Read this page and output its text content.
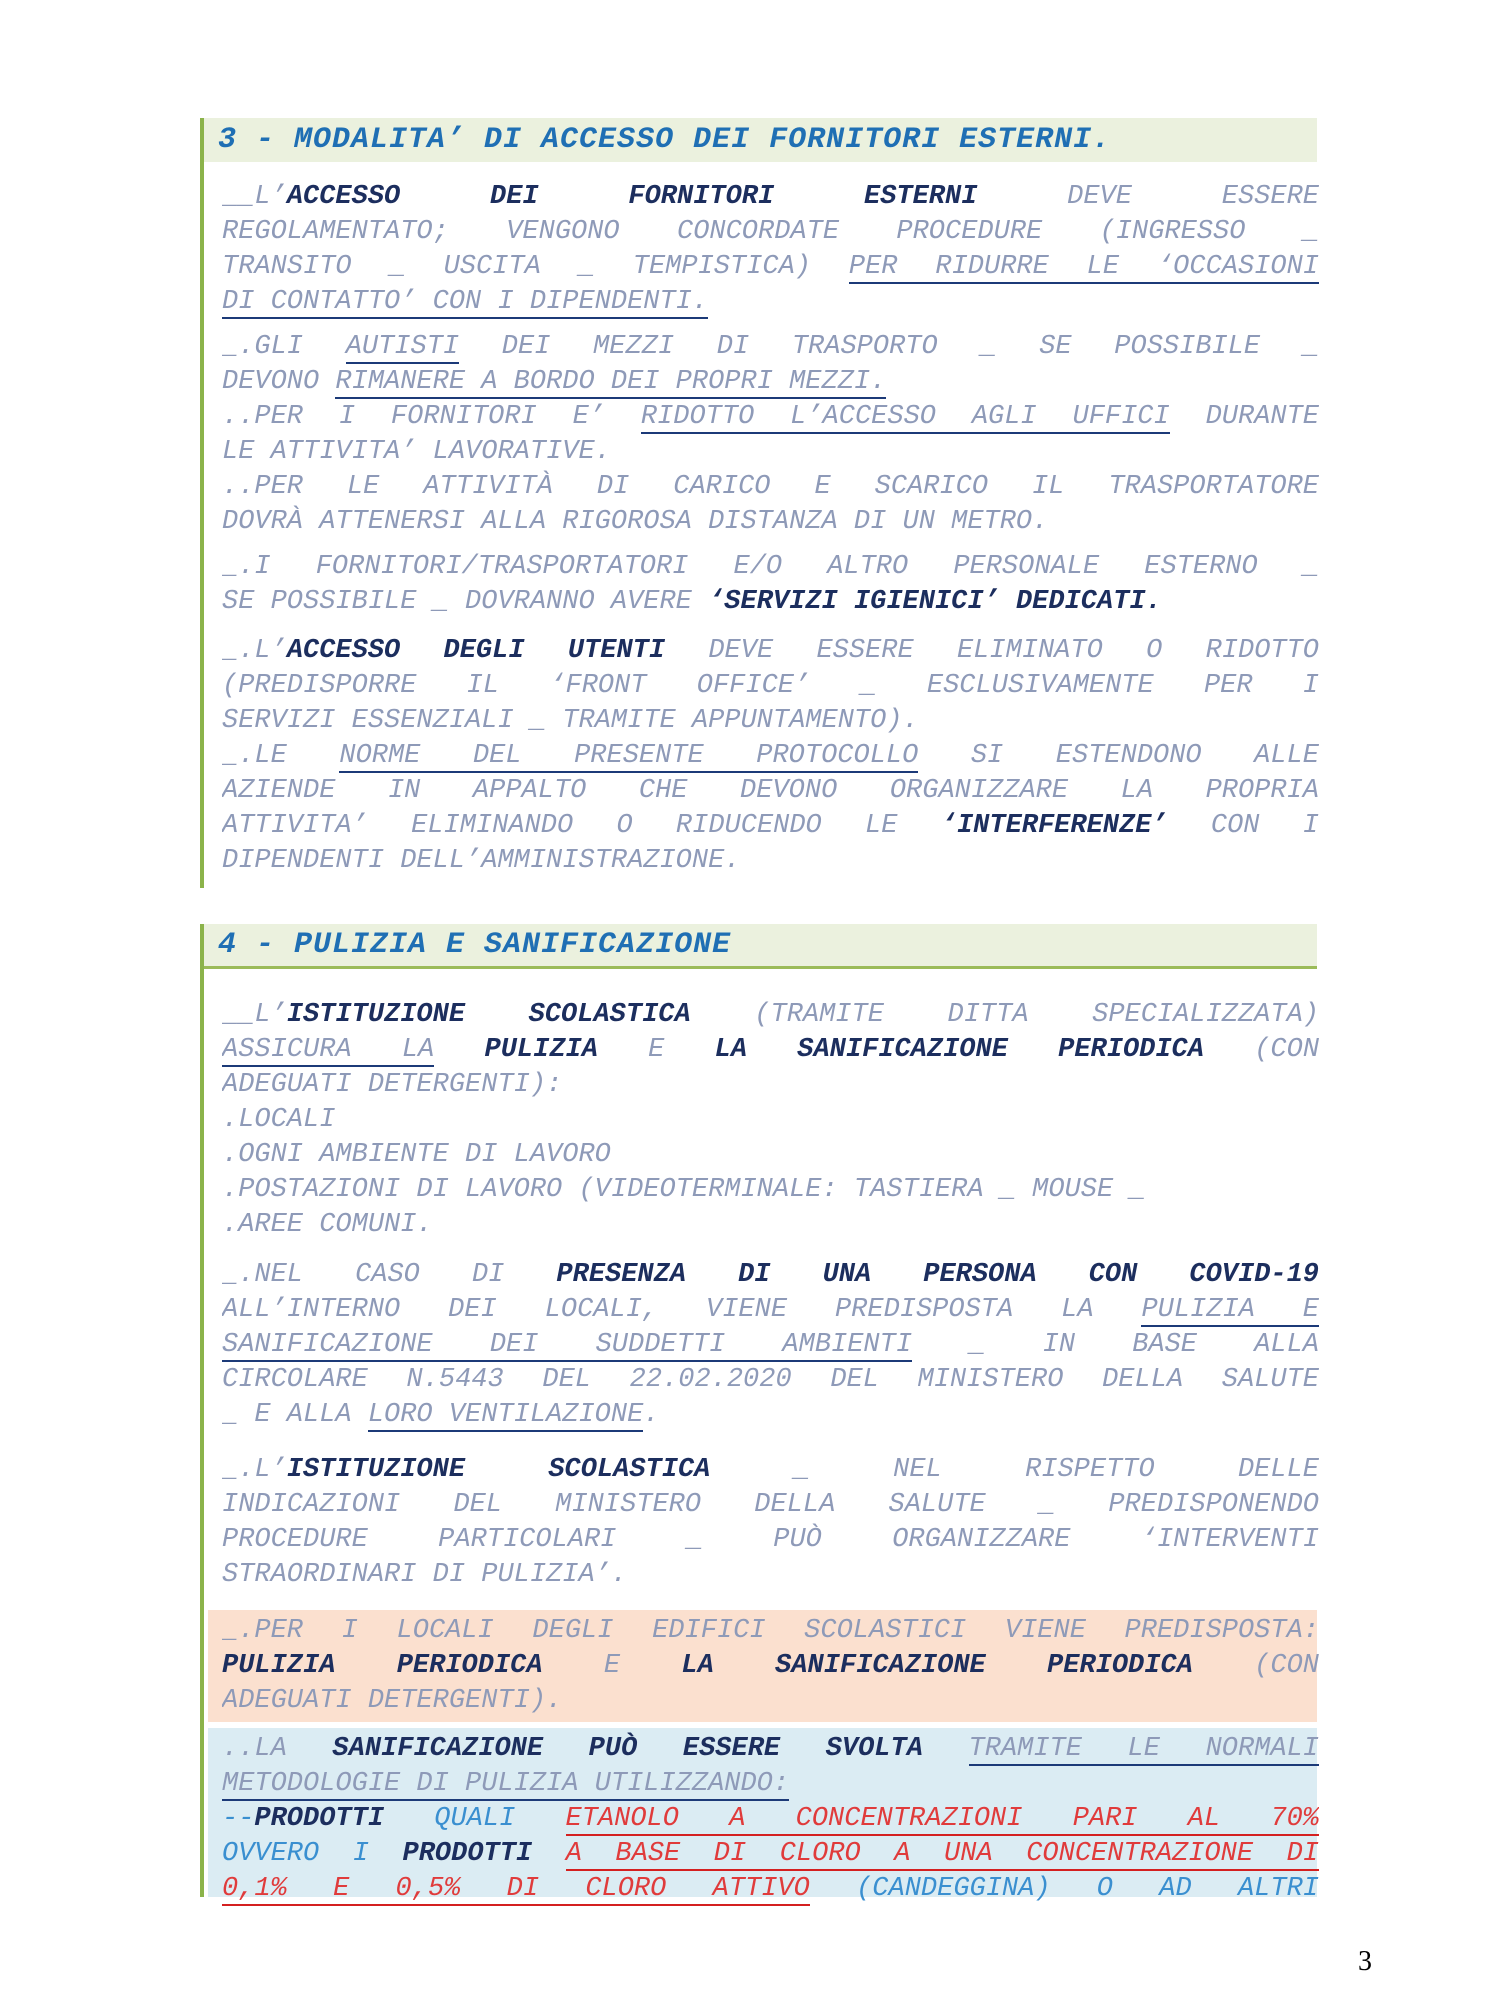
3 - MODALITA’ DI ACCESSO DEI FORNITORI ESTERNI.
__L’ACCESSO DEI FORNITORI ESTERNI DEVE ESSERE
REGOLAMENTATO; VENGONO CONCORDATE PROCEDURE (INGRESSO _
TRANSITO _ USCITA _ TEMPISTICA) PER RIDURRE LE ‘OCCASIONI
DI CONTATTO’ CON I DIPENDENTI.
_.GLI AUTISTI DEI MEZZI DI TRASPORTO _ SE POSSIBILE _
DEVONO RIMANERE A BORDO DEI PROPRI MEZZI.
..PER I FORNITORI E’ RIDOTTO L’ACCESSO AGLI UFFICI DURANTE
LE ATTIVITA’ LAVORATIVE.
..PER LE ATTIVITÀ DI CARICO E SCARICO IL TRASPORTATORE
DOVRÀ ATTENERSI ALLA RIGOROSA DISTANZA DI UN METRO.
_.I FORNITORI/TRASPORTATORI E/O ALTRO PERSONALE ESTERNO _
SE POSSIBILE _ DOVRANNO AVERE ‘SERVIZI IGIENICI’ DEDICATI.
_.L’ACCESSO DEGLI UTENTI DEVE ESSERE ELIMINATO O RIDOTTO
(PREDISPORRE IL ‘FRONT OFFICE’ _ ESCLUSIVAMENTE PER I
SERVIZI ESSENZIALI _ TRAMITE APPUNTAMENTO).
_.LE NORME DEL PRESENTE PROTOCOLLO SI ESTENDONO ALLE
AZIENDE IN APPALTO CHE DEVONO ORGANIZZARE LA PROPRIA
ATTIVITA’ ELIMINANDO O RIDUCENDO LE ‘INTERFERENZE’ CON I
DIPENDENTI DELL’AMMINISTRAZIONE.
4 - PULIZIA E SANIFICAZIONE
__L’ISTITUZIONE SCOLASTICA (TRAMITE DITTA SPECIALIZZATA)
ASSICURA LA PULIZIA E LA SANIFICAZIONE PERIODICA (CON
ADEGUATI DETERGENTI):
.LOCALI
.OGNI AMBIENTE DI LAVORO
.POSTAZIONI DI LAVORO (VIDEOTERMINALE: TASTIERA _ MOUSE _
.AREE COMUNI.
_.NEL CASO DI PRESENZA DI UNA PERSONA CON COVID-19
ALL’INTERNO DEI LOCALI, VIENE PREDISPOSTA LA PULIZIA E
SANIFICAZIONE DEI SUDDETTI AMBIENTI _ IN BASE ALLA
CIRCOLARE N.5443 DEL 22.02.2020 DEL MINISTERO DELLA SALUTE
_ E ALLA LORO VENTILAZIONE.
_.L’ISTITUZIONE SCOLASTICA _ NEL RISPETTO DELLE
INDICAZIONI DEL MINISTERO DELLA SALUTE _ PREDISPONENDO
PROCEDURE PARTICOLARI _ PUÒ ORGANIZZARE ‘INTERVENTI
STRAORDINARI DI PULIZIA’.
_.PER I LOCALI DEGLI EDIFICI SCOLASTICI VIENE PREDISPOSTA:
PULIZIA PERIODICA E LA SANIFICAZIONE PERIODICA (CON
ADEGUATI DETERGENTI).
..LA SANIFICAZIONE PUÒ ESSERE SVOLTA TRAMITE LE NORMALI
METODOLOGIE DI PULIZIA UTILIZZANDO:
--PRODOTTI QUALI ETANOLO A CONCENTRAZIONI PARI AL 70%
OVVERO I PRODOTTI A BASE DI CLORO A UNA CONCENTRAZIONE DI
0,1% E 0,5% DI CLORO ATTIVO (CANDEGGINA) O AD ALTRI
3
